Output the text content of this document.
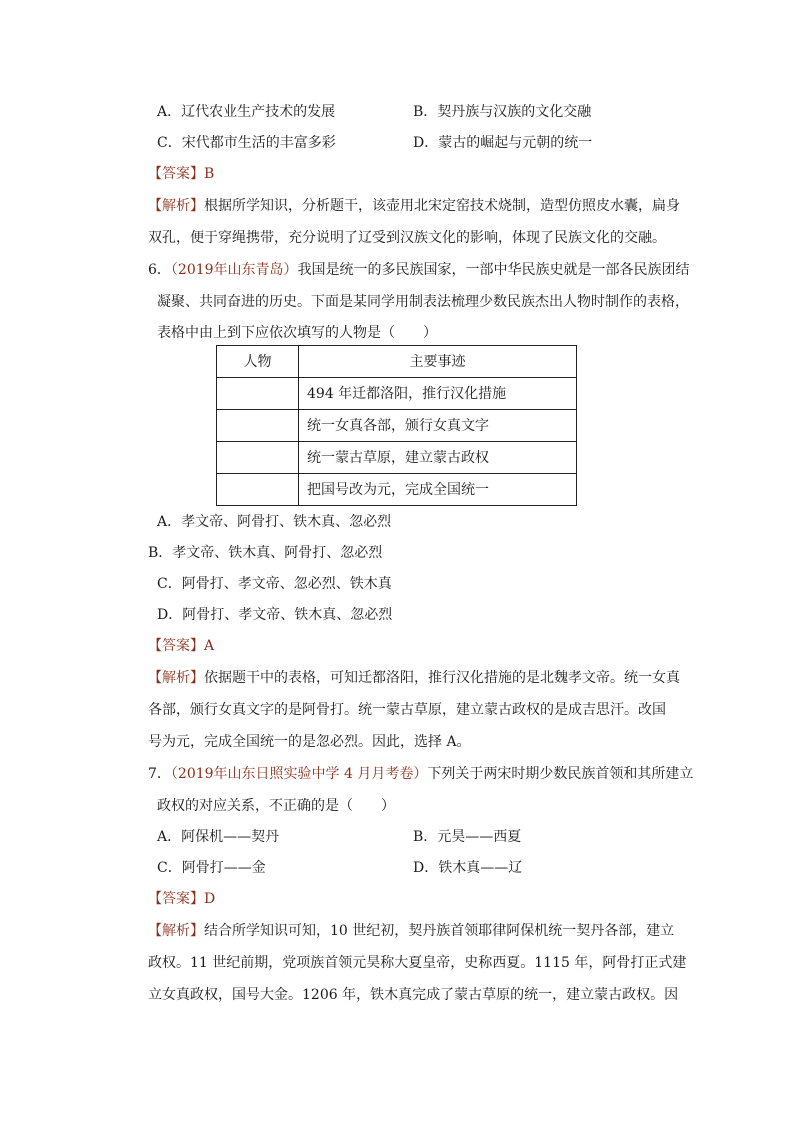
A．辽代农业生产技术的发展	B．契丹族与汉族的文化交融
C．宋代都市生活的丰富多彩	D．蒙古的崛起与元朝的统一
【答案】B
【解析】根据所学知识，分析题干，该壶用北宋定窑技术烧制，造型仿照皮水囊，扁身
双孔，便于穿绳携带，充分说明了辽受到汉族文化的影响，体现了民族文化的交融。
6．（2019年山东青岛）我国是统一的多民族国家，一部中华民族史就是一部各民族团结
凝聚、共同奋进的历史。下面是某同学用制表法梳理少数民族杰出人物时制作的表格，
表格中由上到下应依次填写的人物是（　　）
人物	主要事迹
	494 年迁都洛阳，推行汉化措施
	统一女真各部，颁行女真文字
	统一蒙古草原，建立蒙古政权
	把国号改为元，完成全国统一
A．孝文帝、阿骨打、铁木真、忽必烈
B．孝文帝、铁木真、阿骨打、忽必烈
C．阿骨打、孝文帝、忽必烈、铁木真
D．阿骨打、孝文帝、铁木真、忽必烈
【答案】A
【解析】依据题干中的表格，可知迁都洛阳，推行汉化措施的是北魏孝文帝。统一女真
各部，颁行女真文字的是阿骨打。统一蒙古草原，建立蒙古政权的是成吉思汗。改国
号为元，完成全国统一的是忽必烈。因此，选择 A。
7．（2019年山东日照实验中学 4 月月考卷）下列关于两宋时期少数民族首领和其所建立
政权的对应关系，不正确的是（　　）
A．阿保机——契丹	B．元昊——西夏
C．阿骨打——金	D．铁木真——辽
【答案】D
【解析】结合所学知识可知，10 世纪初，契丹族首领耶律阿保机统一契丹各部，建立
政权。11 世纪前期，党项族首领元昊称大夏皇帝，史称西夏。1115 年，阿骨打正式建
立女真政权，国号大金。1206 年，铁木真完成了蒙古草原的统一，建立蒙古政权。因
